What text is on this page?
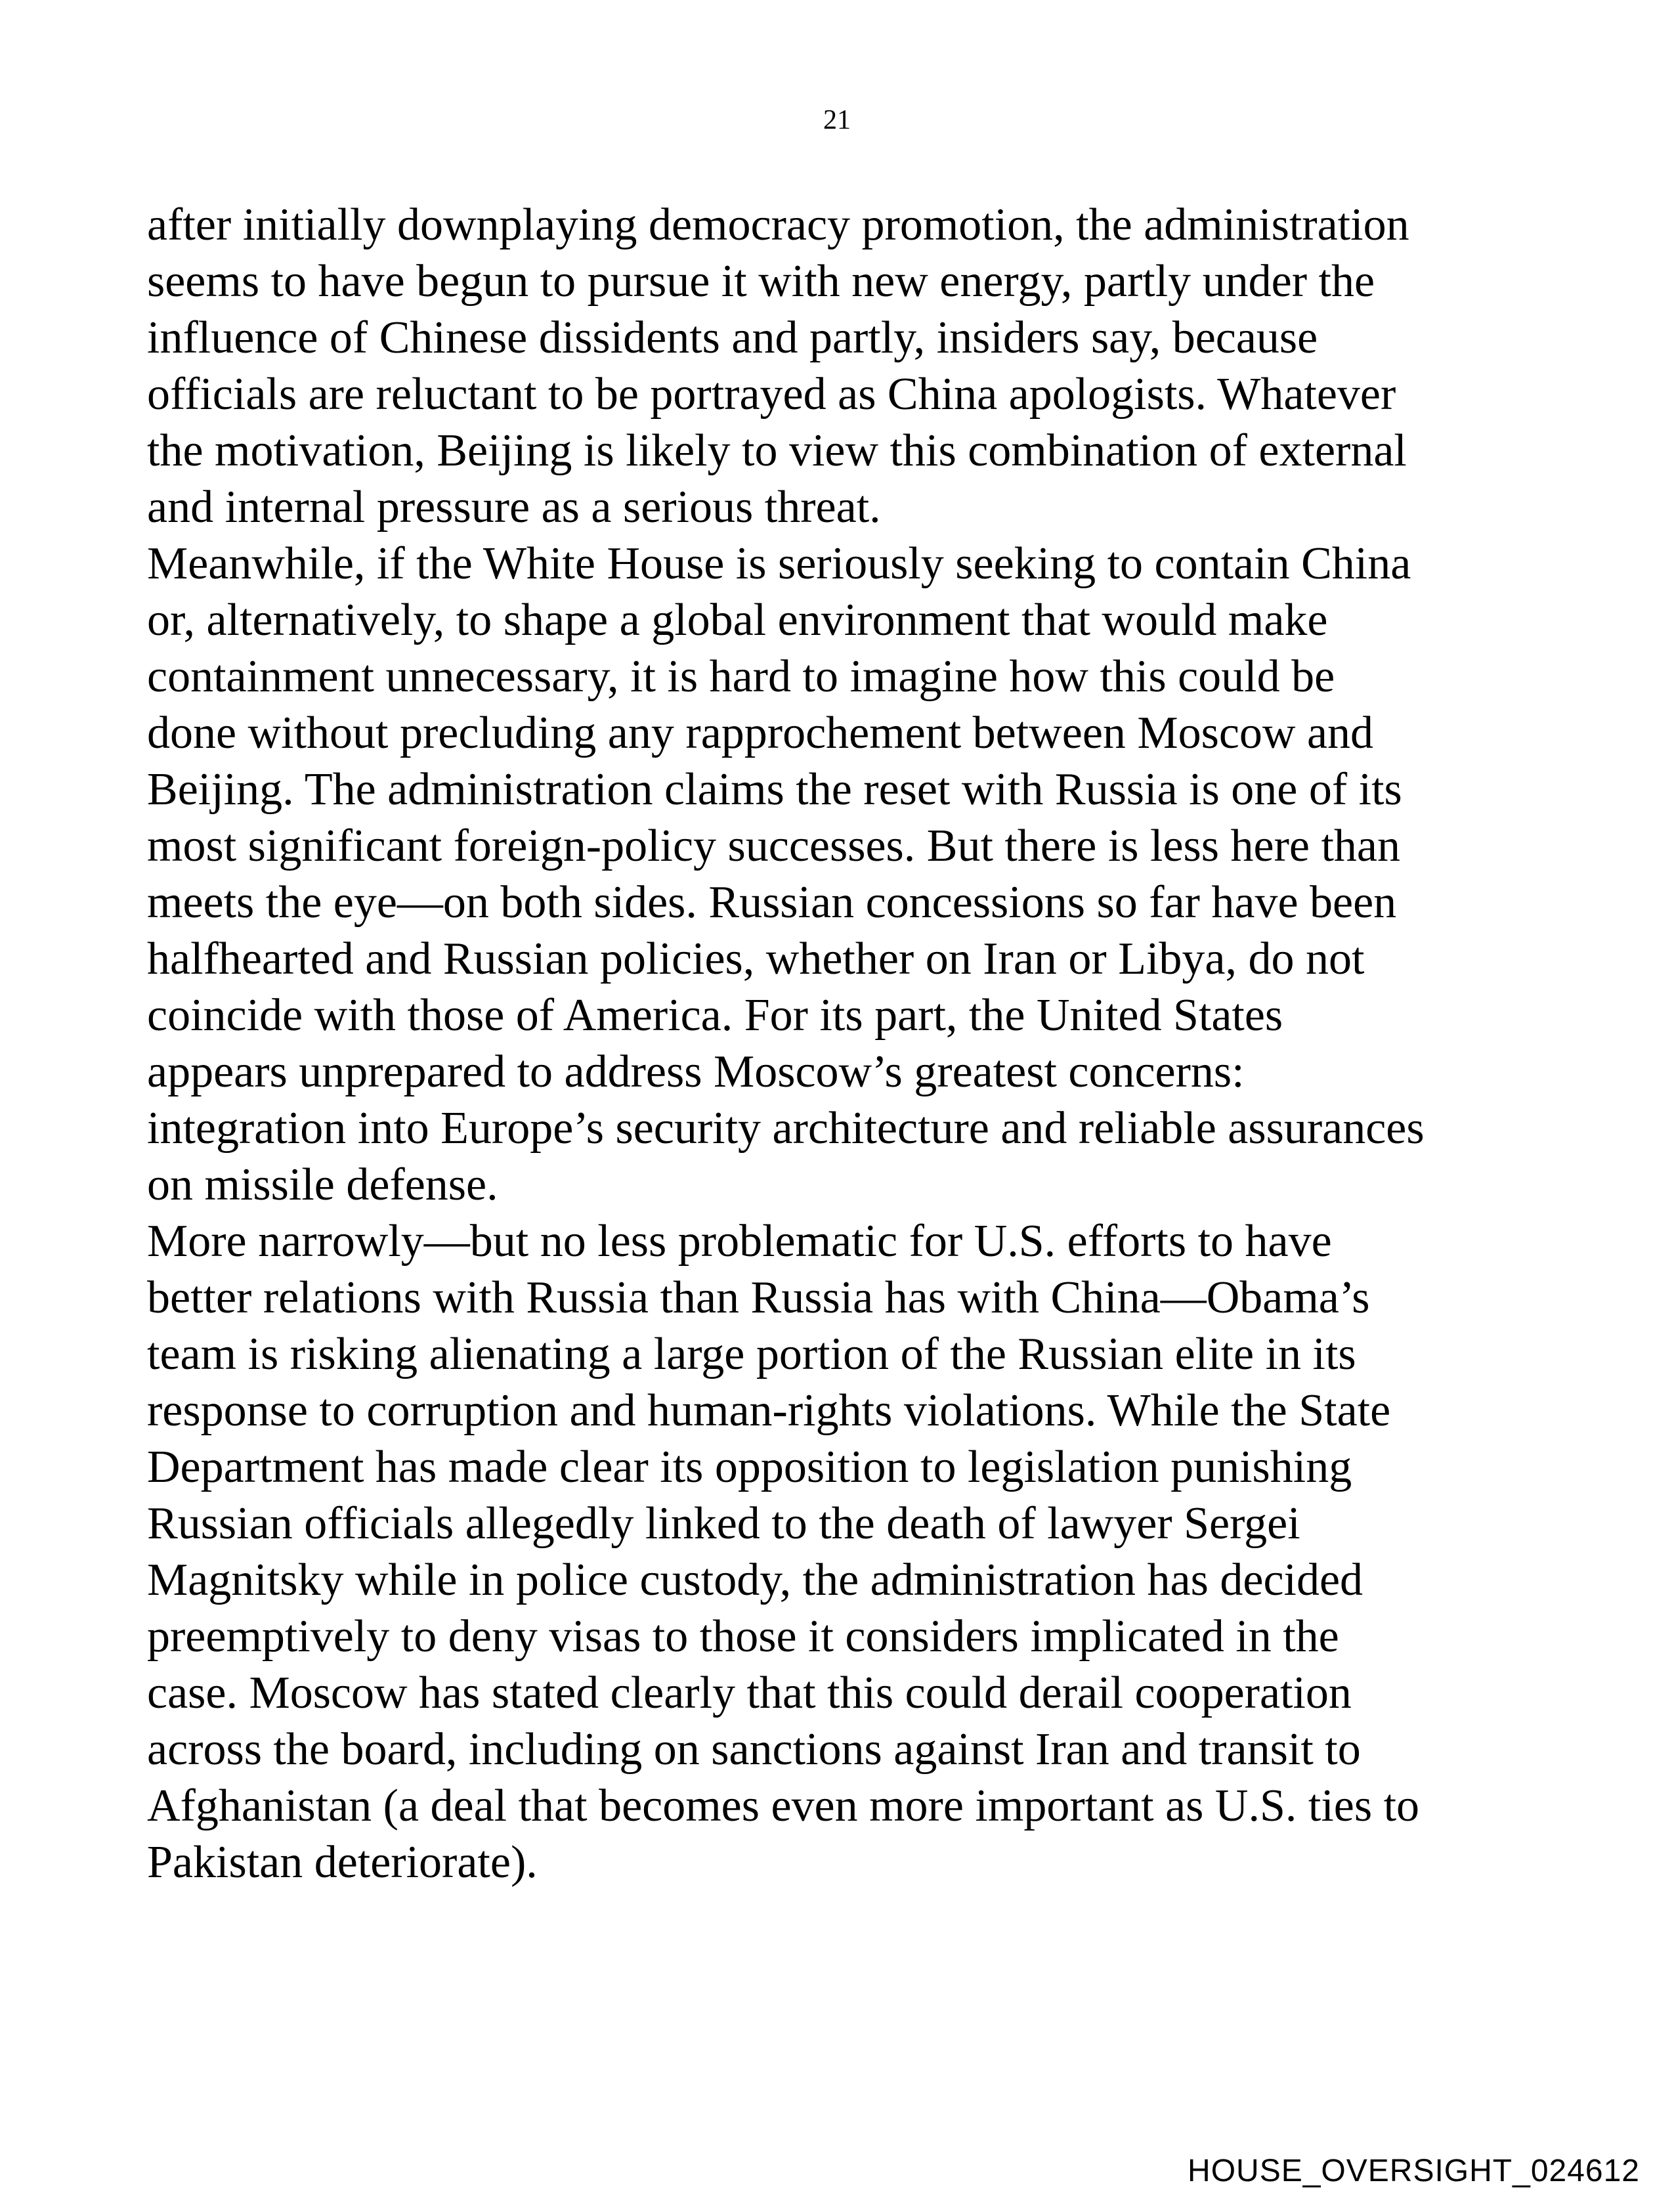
21
after initially downplaying democracy promotion, the administration
seems to have begun to pursue it with new energy, partly under the
influence of Chinese dissidents and partly, insiders say, because
officials are reluctant to be portrayed as China apologists. Whatever
the motivation, Beijing is likely to view this combination of external
and internal pressure as a serious threat.
Meanwhile, if the White House is seriously seeking to contain China
or, alternatively, to shape a global environment that would make
containment unnecessary, it is hard to imagine how this could be
done without precluding any rapprochement between Moscow and
Beijing. The administration claims the reset with Russia is one of its
most significant foreign-policy successes. But there is less here than
meets the eye—on both sides. Russian concessions so far have been
halfhearted and Russian policies, whether on Iran or Libya, do not
coincide with those of America. For its part, the United States
appears unprepared to address Moscow’s greatest concerns:
integration into Europe’s security architecture and reliable assurances
on missile defense.
More narrowly—but no less problematic for U.S. efforts to have
better relations with Russia than Russia has with China—Obama’s
team is risking alienating a large portion of the Russian elite in its
response to corruption and human-rights violations. While the State
Department has made clear its opposition to legislation punishing
Russian officials allegedly linked to the death of lawyer Sergei
Magnitsky while in police custody, the administration has decided
preemptively to deny visas to those it considers implicated in the
case. Moscow has stated clearly that this could derail cooperation
across the board, including on sanctions against Iran and transit to
Afghanistan (a deal that becomes even more important as U.S. ties to
Pakistan deteriorate).
HOUSE_OVERSIGHT_024612
